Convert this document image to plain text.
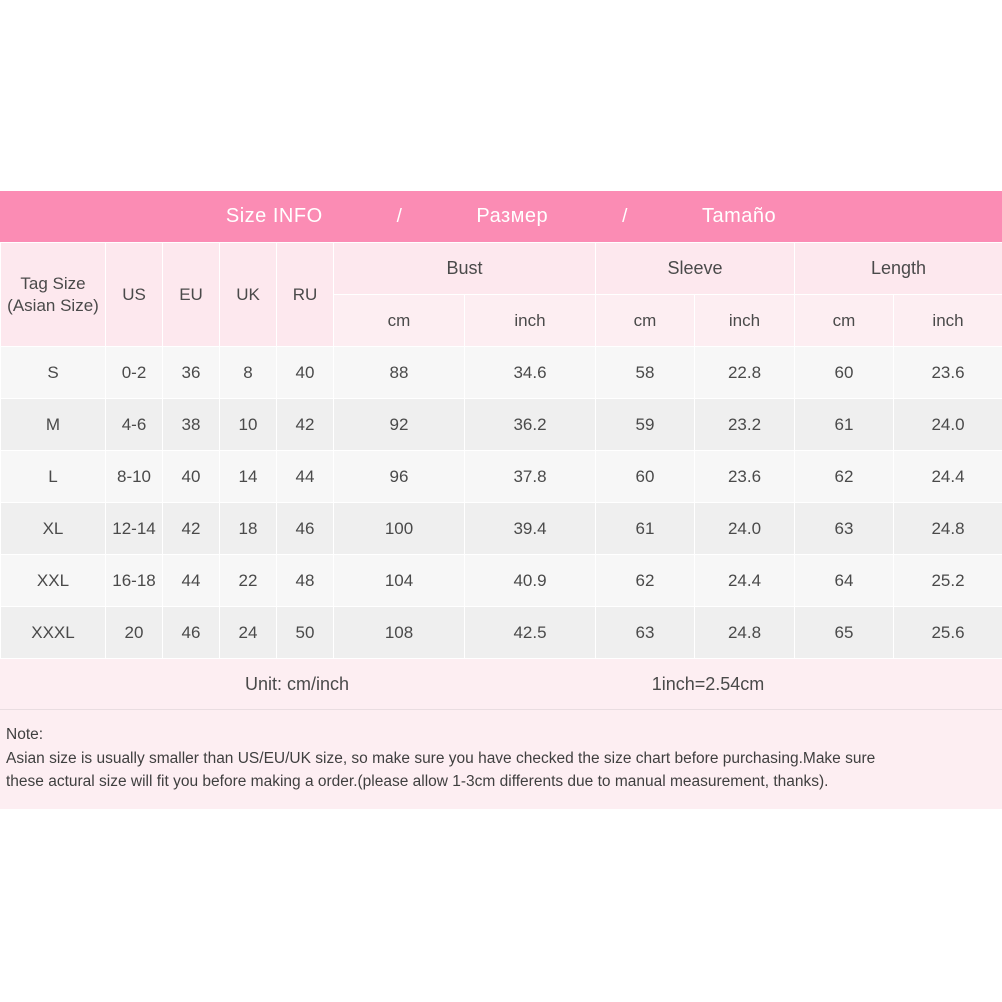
Size INFO	/	Размер	/	Tamaño
Tag Size
(Asian Size)	US	EU	UK	RU	Bust		Sleeve		Length	
					cm	inch	cm	inch	cm	inch
S	0-2	36	8	40	88	34.6	58	22.8	60	23.6
M	4-6	38	10	42	92	36.2	59	23.2	61	24.0
L	8-10	40	14	44	96	37.8	60	23.6	62	24.4
XL	12-14	42	18	46	100	39.4	61	24.0	63	24.8
XXL	16-18	44	22	48	104	40.9	62	24.4	64	25.2
XXXL	20	46	24	50	108	42.5	63	24.8	65	25.6
Unit: cm/inch	1inch=2.54cm
Note:
Asian size is usually smaller than US/EU/UK size, so make sure you have checked the size chart before purchasing.Make sure
these actural size will fit you before making a order.(please allow 1-3cm differents due to manual measurement, thanks).
